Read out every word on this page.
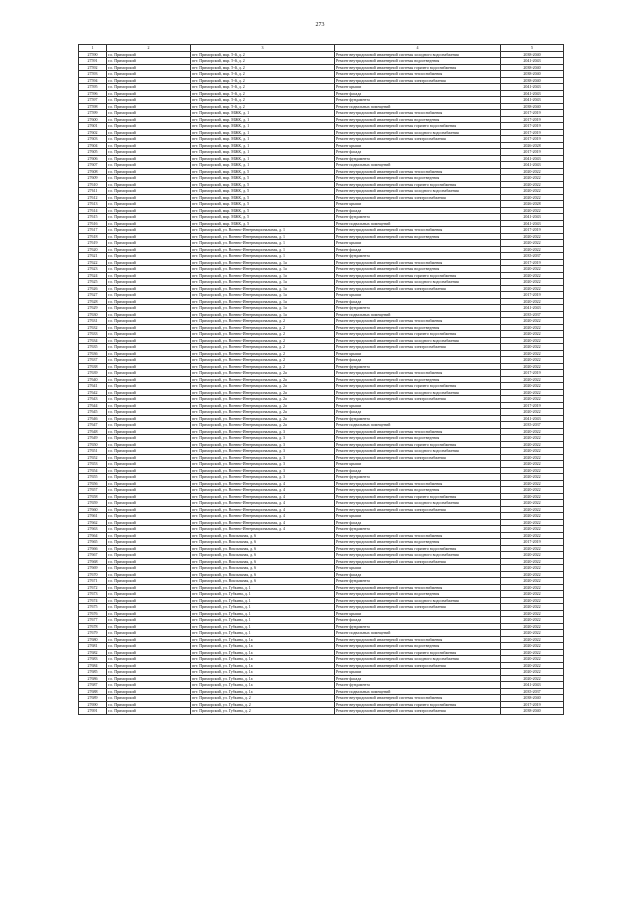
273
1	2	3	4	5
27590	г.о. Приморский	пгт. Приморский, мкр. 5-й, д. 2	Ремонт внутридомовой инженерной системы холодного водоснабжения	2038-2040
27591	г.о. Приморский	пгт. Приморский, мкр. 5-й, д. 2	Ремонт внутридомовой инженерной системы водоотведения	2041-2043
27592	г.о. Приморский	пгт. Приморский, мкр. 5-й, д. 2	Ремонт внутридомовой инженерной системы горячего водоснабжения	2038-2040
27593	г.о. Приморский	пгт. Приморский, мкр. 5-й, д. 2	Ремонт внутридомовой инженерной системы теплоснабжения	2038-2040
27594	г.о. Приморский	пгт. Приморский, мкр. 5-й, д. 2	Ремонт внутридомовой инженерной системы электроснабжения	2038-2040
27595	г.о. Приморский	пгт. Приморский, мкр. 5-й, д. 2	Ремонт крыши	2041-2043
27596	г.о. Приморский	пгт. Приморский, мкр. 5-й, д. 2	Ремонт фасада	2041-2043
27597	г.о. Приморский	пгт. Приморский, мкр. 5-й, д. 2	Ремонт фундамента	2041-2043
27598	г.о. Приморский	пгт. Приморский, мкр. 5-й, д. 2	Ремонт подвальных помещений	2038-2040
27599	г.о. Приморский	пгт. Приморский, мкр. МЖК, д. 1	Ремонт внутридомовой инженерной системы теплоснабжения	2017-2019
27600	г.о. Приморский	пгт. Приморский, мкр. МЖК, д. 1	Ремонт внутридомовой инженерной системы водоотведения	2017-2019
27601	г.о. Приморский	пгт. Приморский, мкр. МЖК, д. 1	Ремонт внутридомовой инженерной системы горячего водоснабжения	2017-2019
27602	г.о. Приморский	пгт. Приморский, мкр. МЖК, д. 1	Ремонт внутридомовой инженерной системы холодного водоснабжения	2017-2019
27603	г.о. Приморский	пгт. Приморский, мкр. МЖК, д. 1	Ремонт внутридомовой инженерной системы электроснабжения	2017-2019
27604	г.о. Приморский	пгт. Приморский, мкр. МЖК, д. 1	Ремонт крыши	2026-2028
27605	г.о. Приморский	пгт. Приморский, мкр. МЖК, д. 1	Ремонт фасада	2017-2019
27606	г.о. Приморский	пгт. Приморский, мкр. МЖК, д. 1	Ремонт фундамента	2041-2043
27607	г.о. Приморский	пгт. Приморский, мкр. МЖК, д. 1	Ремонт подвальных помещений	2041-2043
27608	г.о. Приморский	пгт. Приморский, мкр. МЖК, д. 5	Ремонт внутридомовой инженерной системы теплоснабжения	2020-2022
27609	г.о. Приморский	пгт. Приморский, мкр. МЖК, д. 5	Ремонт внутридомовой инженерной системы водоотведения	2020-2022
27610	г.о. Приморский	пгт. Приморский, мкр. МЖК, д. 5	Ремонт внутридомовой инженерной системы горячего водоснабжения	2020-2022
27611	г.о. Приморский	пгт. Приморский, мкр. МЖК, д. 5	Ремонт внутридомовой инженерной системы холодного водоснабжения	2020-2022
27612	г.о. Приморский	пгт. Приморский, мкр. МЖК, д. 5	Ремонт внутридомовой инженерной системы электроснабжения	2020-2022
27613	г.о. Приморский	пгт. Приморский, мкр. МЖК, д. 5	Ремонт крыши	2026-2028
27614	г.о. Приморский	пгт. Приморский, мкр. МЖК, д. 5	Ремонт фасада	2020-2022
27615	г.о. Приморский	пгт. Приморский, мкр. МЖК, д. 5	Ремонт фундамента	2041-2043
27616	г.о. Приморский	пгт. Приморский, мкр. МЖК, д. 5	Ремонт подвальных помещений	2041-2043
27617	г.о. Приморский	пгт. Приморский, ул. Военно-Интернациональная, д. 1	Ремонт внутридомовой инженерной системы теплоснабжения	2017-2019
27618	г.о. Приморский	пгт. Приморский, ул. Военно-Интернациональная, д. 1	Ремонт внутридомовой инженерной системы водоотведения	2020-2022
27619	г.о. Приморский	пгт. Приморский, ул. Военно-Интернациональная, д. 1	Ремонт крыши	2020-2022
27620	г.о. Приморский	пгт. Приморский, ул. Военно-Интернациональная, д. 1	Ремонт фасада	2020-2022
27621	г.о. Приморский	пгт. Приморский, ул. Военно-Интернациональная, д. 1	Ремонт фундамента	2035-2037
27622	г.о. Приморский	пгт. Приморский, ул. Военно-Интернациональная, д. 1а	Ремонт внутридомовой инженерной системы теплоснабжения	2017-2019
27623	г.о. Приморский	пгт. Приморский, ул. Военно-Интернациональная, д. 1а	Ремонт внутридомовой инженерной системы водоотведения	2020-2022
27624	г.о. Приморский	пгт. Приморский, ул. Военно-Интернациональная, д. 1а	Ремонт внутридомовой инженерной системы горячего водоснабжения	2020-2022
27625	г.о. Приморский	пгт. Приморский, ул. Военно-Интернациональная, д. 1а	Ремонт внутридомовой инженерной системы холодного водоснабжения	2020-2022
27626	г.о. Приморский	пгт. Приморский, ул. Военно-Интернациональная, д. 1а	Ремонт внутридомовой инженерной системы электроснабжения	2020-2022
27627	г.о. Приморский	пгт. Приморский, ул. Военно-Интернациональная, д. 1а	Ремонт крыши	2017-2019
27628	г.о. Приморский	пгт. Приморский, ул. Военно-Интернациональная, д. 1а	Ремонт фасада	2020-2022
27629	г.о. Приморский	пгт. Приморский, ул. Военно-Интернациональная, д. 1а	Ремонт фундамента	2041-2043
27630	г.о. Приморский	пгт. Приморский, ул. Военно-Интернациональная, д. 1а	Ремонт подвальных помещений	2035-2037
27631	г.о. Приморский	пгт. Приморский, ул. Военно-Интернациональная, д. 2	Ремонт внутридомовой инженерной системы теплоснабжения	2020-2022
27632	г.о. Приморский	пгт. Приморский, ул. Военно-Интернациональная, д. 2	Ремонт внутридомовой инженерной системы водоотведения	2020-2022
27633	г.о. Приморский	пгт. Приморский, ул. Военно-Интернациональная, д. 2	Ремонт внутридомовой инженерной системы горячего водоснабжения	2020-2022
27634	г.о. Приморский	пгт. Приморский, ул. Военно-Интернациональная, д. 2	Ремонт внутридомовой инженерной системы холодного водоснабжения	2020-2022
27635	г.о. Приморский	пгт. Приморский, ул. Военно-Интернациональная, д. 2	Ремонт внутридомовой инженерной системы электроснабжения	2020-2022
27636	г.о. Приморский	пгт. Приморский, ул. Военно-Интернациональная, д. 2	Ремонт крыши	2020-2022
27637	г.о. Приморский	пгт. Приморский, ул. Военно-Интернациональная, д. 2	Ремонт фасада	2020-2022
27638	г.о. Приморский	пгт. Приморский, ул. Военно-Интернациональная, д. 2	Ремонт фундамента	2020-2022
27639	г.о. Приморский	пгт. Приморский, ул. Военно-Интернациональная, д. 2а	Ремонт внутридомовой инженерной системы теплоснабжения	2017-2019
27640	г.о. Приморский	пгт. Приморский, ул. Военно-Интернациональная, д. 2а	Ремонт внутридомовой инженерной системы водоотведения	2020-2022
27641	г.о. Приморский	пгт. Приморский, ул. Военно-Интернациональная, д. 2а	Ремонт внутридомовой инженерной системы горячего водоснабжения	2020-2022
27642	г.о. Приморский	пгт. Приморский, ул. Военно-Интернациональная, д. 2а	Ремонт внутридомовой инженерной системы холодного водоснабжения	2020-2022
27643	г.о. Приморский	пгт. Приморский, ул. Военно-Интернациональная, д. 2а	Ремонт внутридомовой инженерной системы электроснабжения	2020-2022
27644	г.о. Приморский	пгт. Приморский, ул. Военно-Интернациональная, д. 2а	Ремонт крыши	2017-2019
27645	г.о. Приморский	пгт. Приморский, ул. Военно-Интернациональная, д. 2а	Ремонт фасада	2020-2022
27646	г.о. Приморский	пгт. Приморский, ул. Военно-Интернациональная, д. 2а	Ремонт фундамента	2041-2043
27647	г.о. Приморский	пгт. Приморский, ул. Военно-Интернациональная, д. 2а	Ремонт подвальных помещений	2035-2037
27648	г.о. Приморский	пгт. Приморский, ул. Военно-Интернациональная, д. 3	Ремонт внутридомовой инженерной системы теплоснабжения	2020-2022
27649	г.о. Приморский	пгт. Приморский, ул. Военно-Интернациональная, д. 3	Ремонт внутридомовой инженерной системы водоотведения	2020-2022
27650	г.о. Приморский	пгт. Приморский, ул. Военно-Интернациональная, д. 3	Ремонт внутридомовой инженерной системы горячего водоснабжения	2020-2022
27651	г.о. Приморский	пгт. Приморский, ул. Военно-Интернациональная, д. 3	Ремонт внутридомовой инженерной системы холодного водоснабжения	2020-2022
27652	г.о. Приморский	пгт. Приморский, ул. Военно-Интернациональная, д. 3	Ремонт внутридомовой инженерной системы электроснабжения	2020-2022
27653	г.о. Приморский	пгт. Приморский, ул. Военно-Интернациональная, д. 3	Ремонт крыши	2020-2022
27654	г.о. Приморский	пгт. Приморский, ул. Военно-Интернациональная, д. 3	Ремонт фасада	2020-2022
27655	г.о. Приморский	пгт. Приморский, ул. Военно-Интернациональная, д. 3	Ремонт фундамента	2020-2022
27656	г.о. Приморский	пгт. Приморский, ул. Военно-Интернациональная, д. 4	Ремонт внутридомовой инженерной системы теплоснабжения	2020-2022
27657	г.о. Приморский	пгт. Приморский, ул. Военно-Интернациональная, д. 4	Ремонт внутридомовой инженерной системы водоотведения	2020-2022
27658	г.о. Приморский	пгт. Приморский, ул. Военно-Интернациональная, д. 4	Ремонт внутридомовой инженерной системы горячего водоснабжения	2020-2022
27659	г.о. Приморский	пгт. Приморский, ул. Военно-Интернациональная, д. 4	Ремонт внутридомовой инженерной системы холодного водоснабжения	2020-2022
27660	г.о. Приморский	пгт. Приморский, ул. Военно-Интернациональная, д. 4	Ремонт внутридомовой инженерной системы электроснабжения	2020-2022
27661	г.о. Приморский	пгт. Приморский, ул. Военно-Интернациональная, д. 4	Ремонт крыши	2020-2022
27662	г.о. Приморский	пгт. Приморский, ул. Военно-Интернациональная, д. 4	Ремонт фасада	2020-2022
27663	г.о. Приморский	пгт. Приморский, ул. Военно-Интернациональная, д. 4	Ремонт фундамента	2020-2022
27664	г.о. Приморский	пгт. Приморский, ул. Вокзальная, д. 6	Ремонт внутридомовой инженерной системы теплоснабжения	2020-2022
27665	г.о. Приморский	пгт. Приморский, ул. Вокзальная, д. 6	Ремонт внутридомовой инженерной системы водоотведения	2017-2019
27666	г.о. Приморский	пгт. Приморский, ул. Вокзальная, д. 6	Ремонт внутридомовой инженерной системы горячего водоснабжения	2020-2022
27667	г.о. Приморский	пгт. Приморский, ул. Вокзальная, д. 6	Ремонт внутридомовой инженерной системы холодного водоснабжения	2020-2022
27668	г.о. Приморский	пгт. Приморский, ул. Вокзальная, д. 6	Ремонт внутридомовой инженерной системы электроснабжения	2020-2022
27669	г.о. Приморский	пгт. Приморский, ул. Вокзальная, д. 6	Ремонт крыши	2020-2022
27670	г.о. Приморский	пгт. Приморский, ул. Вокзальная, д. 6	Ремонт фасада	2020-2022
27671	г.о. Приморский	пгт. Приморский, ул. Вокзальная, д. 6	Ремонт фундамента	2020-2022
27672	г.о. Приморский	пгт. Приморский, ул. Губкина, д. 1	Ремонт внутридомовой инженерной системы теплоснабжения	2020-2022
27673	г.о. Приморский	пгт. Приморский, ул. Губкина, д. 1	Ремонт внутридомовой инженерной системы водоотведения	2020-2022
27674	г.о. Приморский	пгт. Приморский, ул. Губкина, д. 1	Ремонт внутридомовой инженерной системы холодного водоснабжения	2020-2022
27675	г.о. Приморский	пгт. Приморский, ул. Губкина, д. 1	Ремонт внутридомовой инженерной системы электроснабжения	2020-2022
27676	г.о. Приморский	пгт. Приморский, ул. Губкина, д. 1	Ремонт крыши	2020-2022
27677	г.о. Приморский	пгт. Приморский, ул. Губкина, д. 1	Ремонт фасада	2020-2022
27678	г.о. Приморский	пгт. Приморский, ул. Губкина, д. 1	Ремонт фундамента	2020-2022
27679	г.о. Приморский	пгт. Приморский, ул. Губкина, д. 1	Ремонт подвальных помещений	2020-2022
27680	г.о. Приморский	пгт. Приморский, ул. Губкина, д. 1а	Ремонт внутридомовой инженерной системы теплоснабжения	2020-2022
27681	г.о. Приморский	пгт. Приморский, ул. Губкина, д. 1а	Ремонт внутридомовой инженерной системы водоотведения	2020-2022
27682	г.о. Приморский	пгт. Приморский, ул. Губкина, д. 1а	Ремонт внутридомовой инженерной системы горячего водоснабжения	2020-2022
27683	г.о. Приморский	пгт. Приморский, ул. Губкина, д. 1а	Ремонт внутридомовой инженерной системы холодного водоснабжения	2020-2022
27684	г.о. Приморский	пгт. Приморский, ул. Губкина, д. 1а	Ремонт внутридомовой инженерной системы электроснабжения	2020-2022
27685	г.о. Приморский	пгт. Приморский, ул. Губкина, д. 1а	Ремонт крыши	2020-2022
27686	г.о. Приморский	пгт. Приморский, ул. Губкина, д. 1а	Ремонт фасада	2020-2022
27687	г.о. Приморский	пгт. Приморский, ул. Губкина, д. 1а	Ремонт фундамента	2041-2043
27688	г.о. Приморский	пгт. Приморский, ул. Губкина, д. 1а	Ремонт подвальных помещений	2035-2037
27689	г.о. Приморский	пгт. Приморский, ул. Губкина, д. 2	Ремонт внутридомовой инженерной системы теплоснабжения	2038-2040
27690	г.о. Приморский	пгт. Приморский, ул. Губкина, д. 2	Ремонт внутридомовой инженерной системы горячего водоснабжения	2017-2019
27691	г.о. Приморский	пгт. Приморский, ул. Губкина, д. 2	Ремонт внутридомовой инженерной системы электроснабжения	2038-2040
